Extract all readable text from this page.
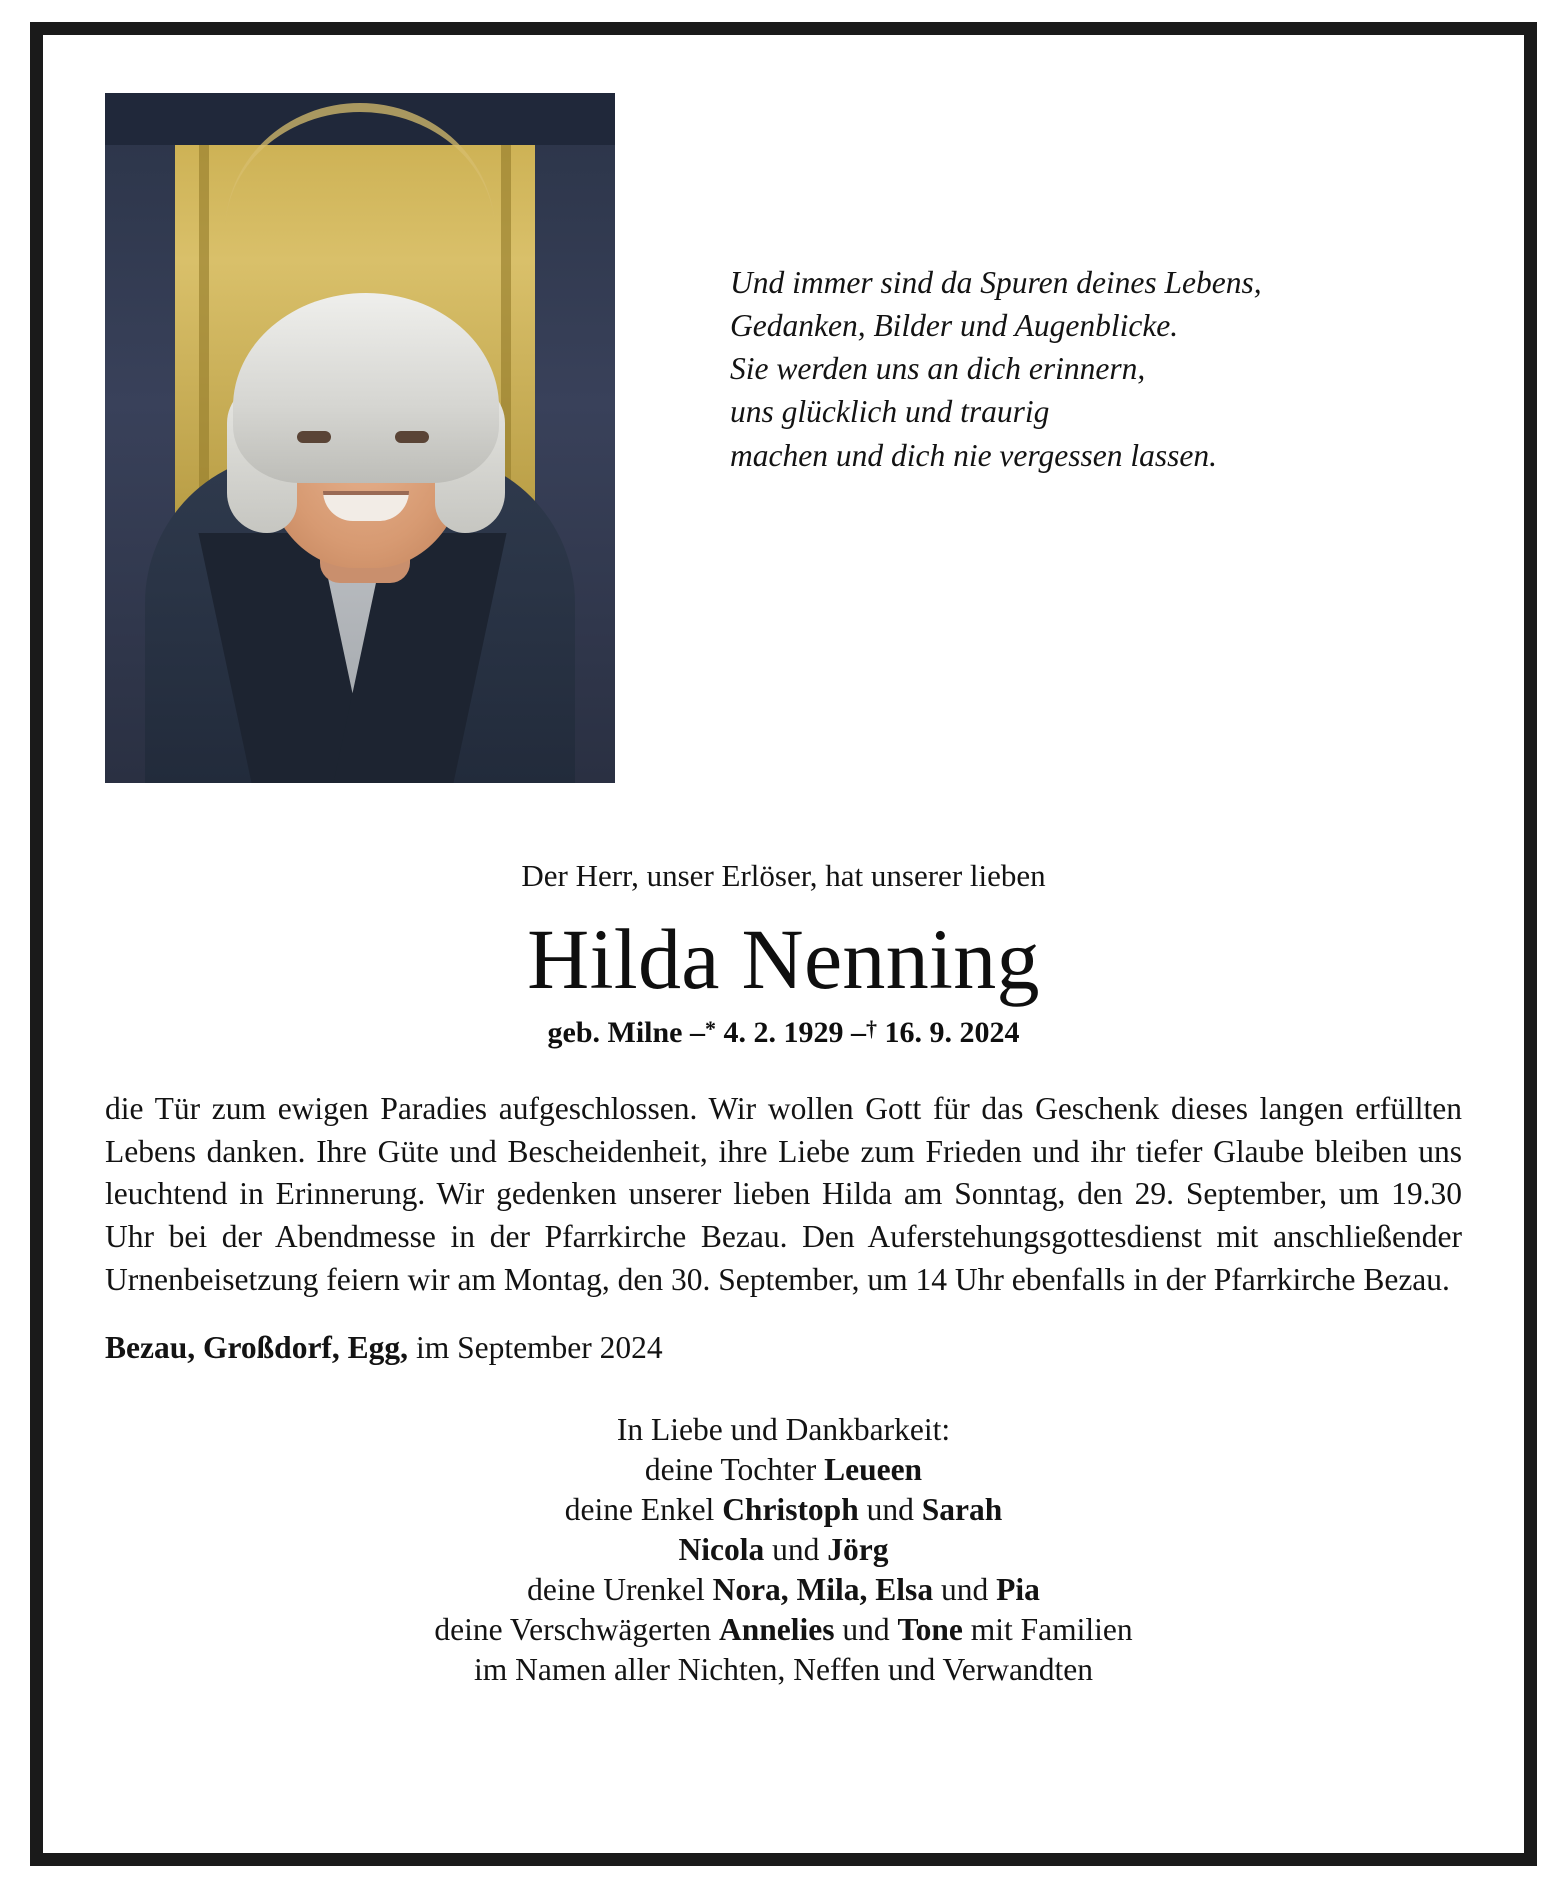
Und immer sind da Spuren deines Lebens,

Gedanken, Bilder und Augenblicke.

Sie werden uns an dich erinnern,

uns glücklich und traurig

machen und dich nie vergessen lassen.

Der Herr, unser Erlöser, hat unserer lieben
Hilda Nenning
geb. Milne –* 4. 2. 1929 –† 16. 9. 2024
die Tür zum ewigen Paradies aufgeschlossen. Wir wollen Gott für das Geschenk dieses langen erfüllten Lebens danken. Ihre Güte und Bescheidenheit, ihre Liebe zum Frieden und ihr tiefer Glaube bleiben uns leuchtend in Erinnerung. Wir gedenken unserer lieben Hilda am Sonntag, den 29. September, um 19.30 Uhr bei der Abendmesse in der Pfarrkirche Bezau. Den Auferstehungsgottesdienst mit anschließender Urnenbeisetzung feiern wir am Montag, den 30. September, um 14 Uhr ebenfalls in der Pfarrkirche Bezau.
Bezau, Großdorf, Egg, im September 2024
In Liebe und Dankbarkeit:
deine Tochter Leueen
deine Enkel Christoph und Sarah
Nicola und Jörg
deine Urenkel Nora, Mila, Elsa und Pia
deine Verschwägerten Annelies und Tone mit Familien
im Namen aller Nichten, Neffen und Verwandten
